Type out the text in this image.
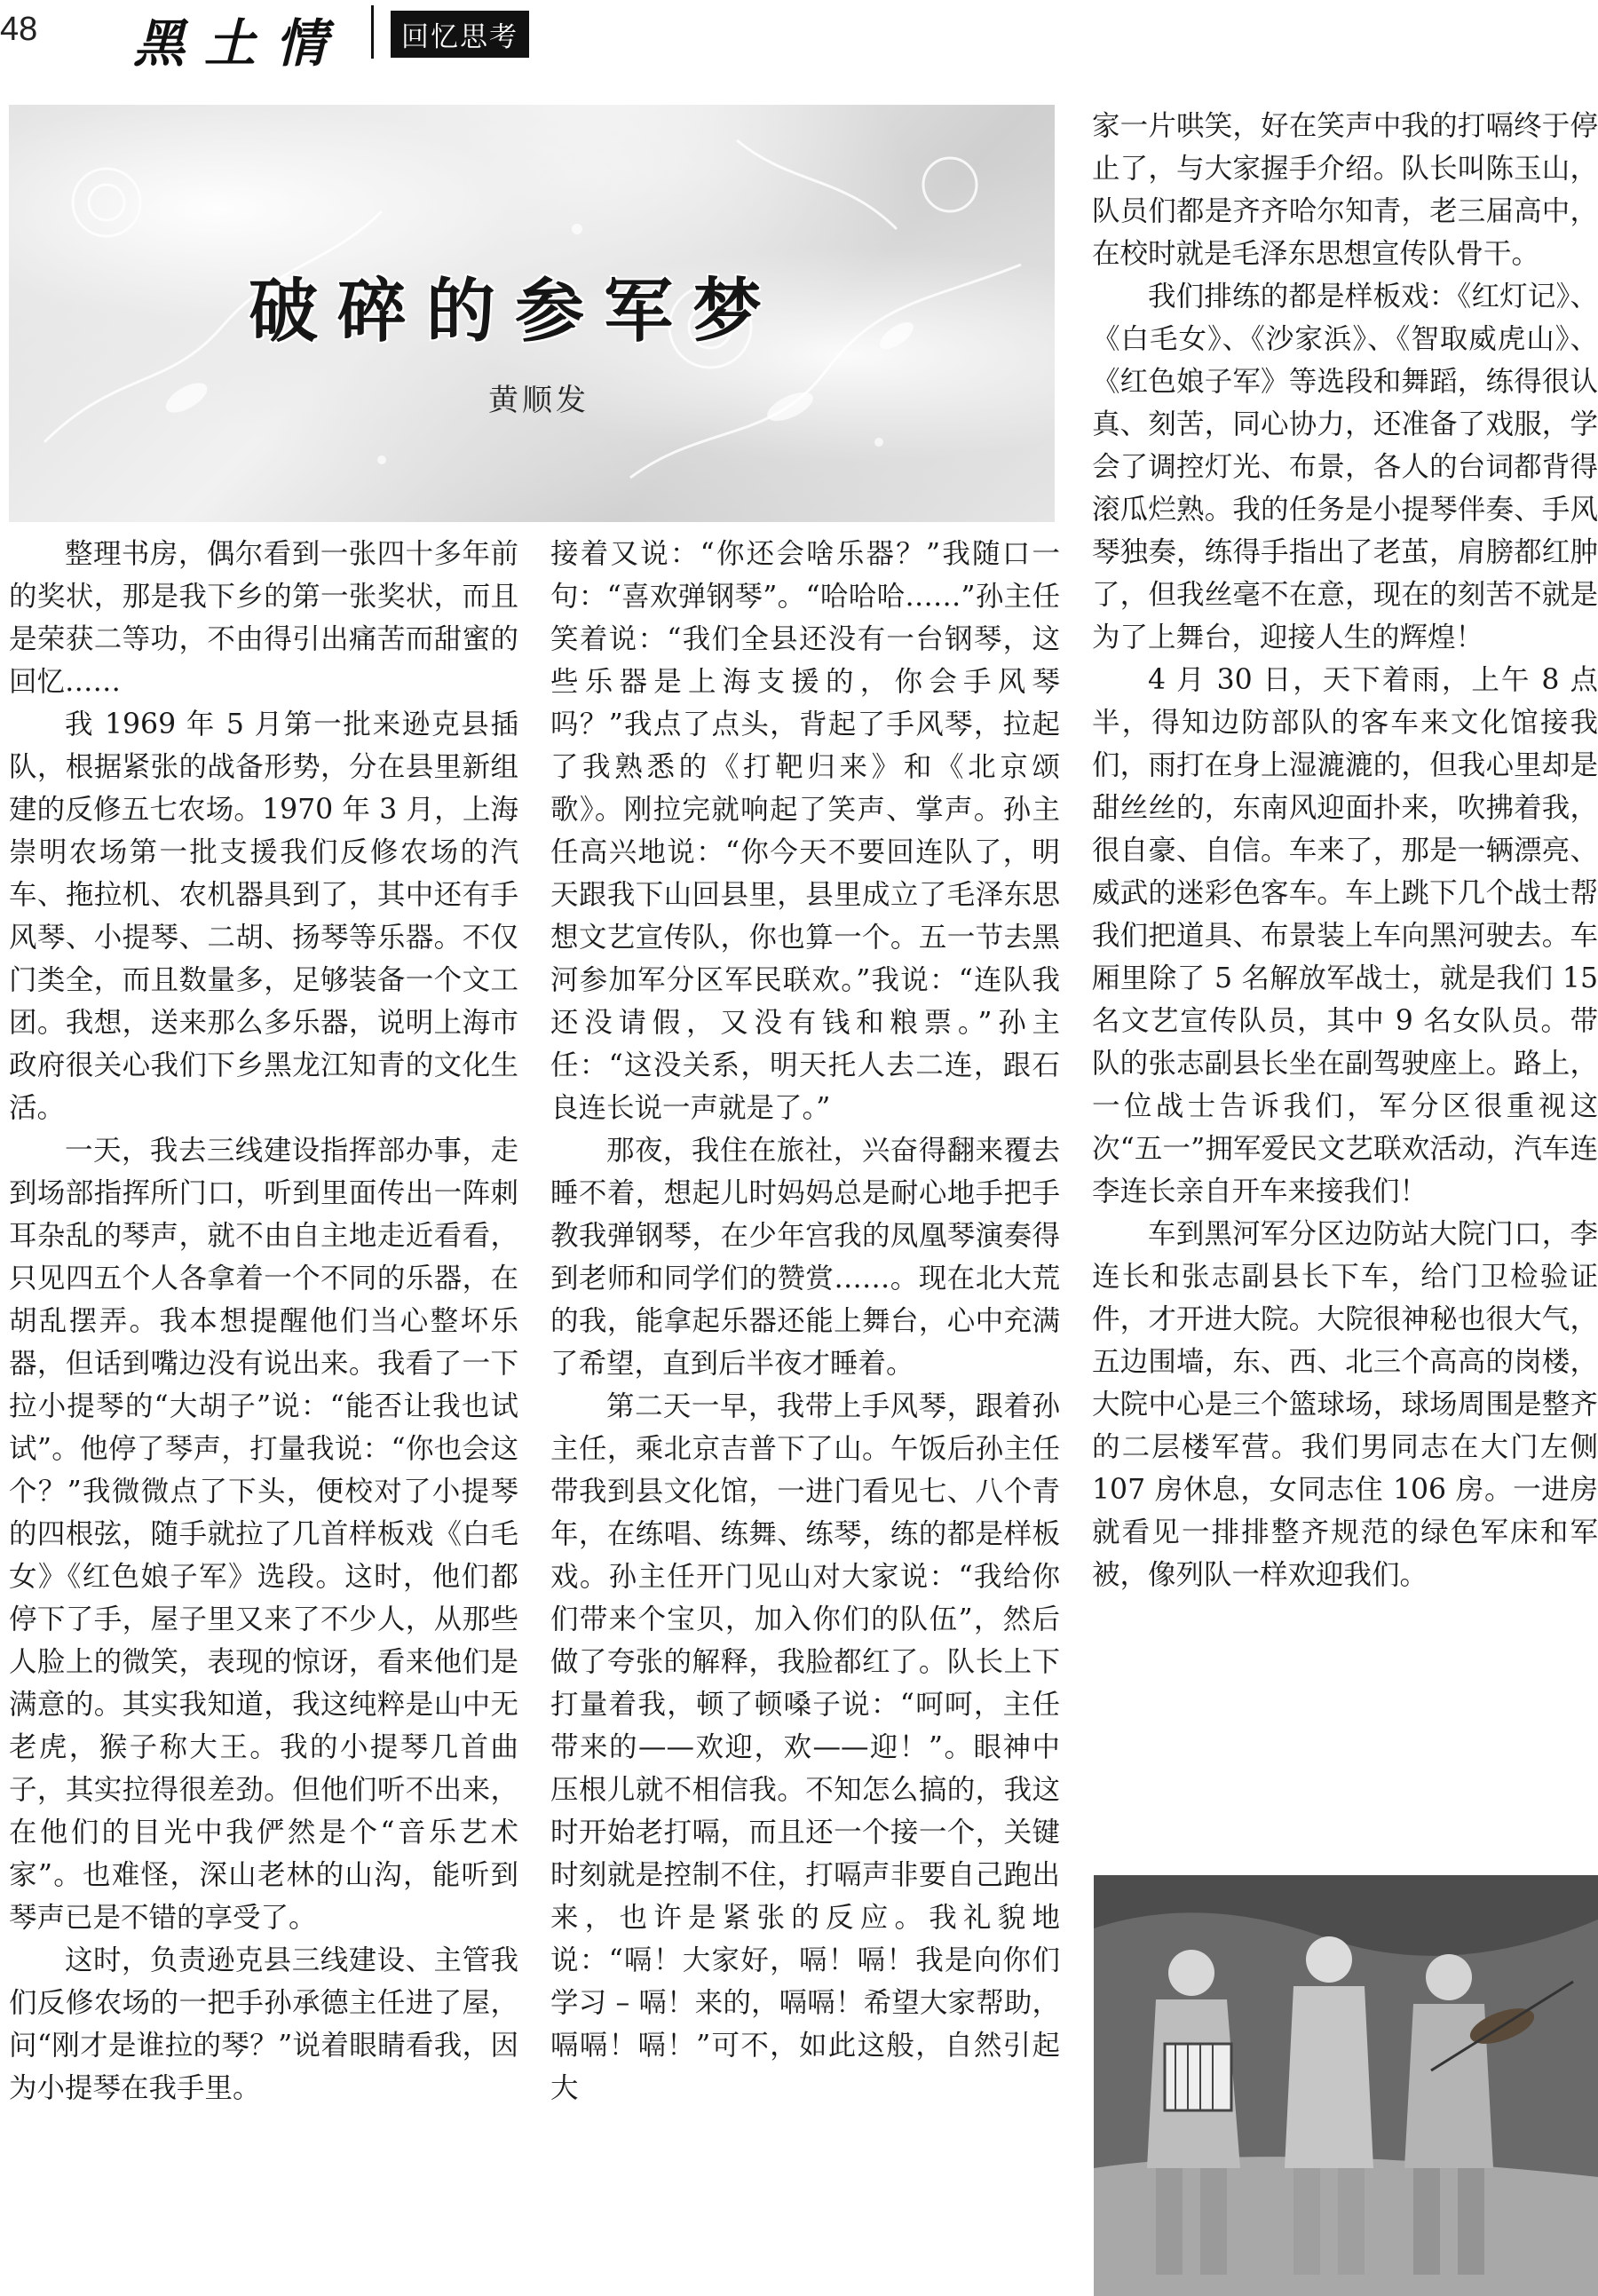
48 黑土情	回忆思考
破碎的参军梦
黄顺发

整理书房，偶尔看到一张四十多年前的奖状，那是我下乡的第一张奖状，而且是荣获二等功，不由得引出痛苦而甜蜜的回忆……

我 1969 年 5 月第一批来逊克县插队，根据紧张的战备形势，分在县里新组建的反修五七农场。1970 年 3 月，上海崇明农场第一批支援我们反修农场的汽车、拖拉机、农机器具到了，其中还有手风琴、小提琴、二胡、扬琴等乐器。不仅门类全，而且数量多，足够装备一个文工团。我想，送来那么多乐器，说明上海市政府很关心我们下乡黑龙江知青的文化生活。

一天，我去三线建设指挥部办事，走到场部指挥所门口，听到里面传出一阵刺耳杂乱的琴声，就不由自主地走近看看，只见四五个人各拿着一个不同的乐器，在胡乱摆弄。我本想提醒他们当心整坏乐器，但话到嘴边没有说出来。我看了一下拉小提琴的“大胡子”说：“能否让我也试试”。他停了琴声，打量我说：“你也会这个？”我微微点了下头，便校对了小提琴的四根弦，随手就拉了几首样板戏《白毛女》《红色娘子军》选段。这时，他们都停下了手，屋子里又来了不少人，从那些人脸上的微笑，表现的惊讶，看来他们是满意的。其实我知道，我这纯粹是山中无老虎，猴子称大王。我的小提琴几首曲子，其实拉得很差劲。但他们听不出来，在他们的目光中我俨然是个“音乐艺术家”。也难怪，深山老林的山沟，能听到琴声已是不错的享受了。

这时，负责逊克县三线建设、主管我们反修农场的一把手孙承德主任进了屋，问“刚才是谁拉的琴？”说着眼睛看我，因为小提琴在我手里。

接着又说：“你还会啥乐器？”我随口一句：“喜欢弹钢琴”。“哈哈哈……”孙主任笑着说：“我们全县还没有一台钢琴，这些乐器是上海支援的，你会手风琴吗？”我点了点头，背起了手风琴，拉起了我熟悉的《打靶归来》和《北京颂歌》。刚拉完就响起了笑声、掌声。孙主任高兴地说：“你今天不要回连队了，明天跟我下山回县里，县里成立了毛泽东思想文艺宣传队，你也算一个。五一节去黑河参加军分区军民联欢。”我说：“连队我还没请假，又没有钱和粮票。”孙主任：“这没关系，明天托人去二连，跟石良连长说一声就是了。”

那夜，我住在旅社，兴奋得翻来覆去睡不着，想起儿时妈妈总是耐心地手把手教我弹钢琴，在少年宫我的凤凰琴演奏得到老师和同学们的赞赏……。现在北大荒的我，能拿起乐器还能上舞台，心中充满了希望，直到后半夜才睡着。

第二天一早，我带上手风琴，跟着孙主任，乘北京吉普下了山。午饭后孙主任带我到县文化馆，一进门看见七、八个青年，在练唱、练舞、练琴，练的都是样板戏。孙主任开门见山对大家说：“我给你们带来个宝贝，加入你们的队伍”，然后做了夸张的解释，我脸都红了。队长上下打量着我，顿了顿嗓子说：“呵呵，主任带来的——欢迎，欢——迎！”。眼神中压根儿就不相信我。不知怎么搞的，我这时开始老打嗝，而且还一个接一个，关键时刻就是控制不住，打嗝声非要自己跑出来，也许是紧张的反应。我礼貌地说：“嗝！大家好，嗝！嗝！我是向你们学习 – 嗝！来的，嗝嗝！希望大家帮助，嗝嗝！嗝！”可不，如此这般，自然引起大

家一片哄笑，好在笑声中我的打嗝终于停止了，与大家握手介绍。队长叫陈玉山，队员们都是齐齐哈尔知青，老三届高中，在校时就是毛泽东思想宣传队骨干。

我们排练的都是样板戏：《红灯记》、《白毛女》、《沙家浜》、《智取威虎山》、《红色娘子军》等选段和舞蹈，练得很认真、刻苦，同心协力，还准备了戏服，学会了调控灯光、布景，各人的台词都背得滚瓜烂熟。我的任务是小提琴伴奏、手风琴独奏，练得手指出了老茧，肩膀都红肿了，但我丝毫不在意，现在的刻苦不就是为了上舞台，迎接人生的辉煌！

4 月 30 日，天下着雨，上午 8 点半，得知边防部队的客车来文化馆接我们，雨打在身上湿漉漉的，但我心里却是甜丝丝的，东南风迎面扑来，吹拂着我，很自豪、自信。车来了，那是一辆漂亮、威武的迷彩色客车。车上跳下几个战士帮我们把道具、布景装上车向黑河驶去。车厢里除了 5 名解放军战士，就是我们 15 名文艺宣传队员，其中 9 名女队员。带队的张志副县长坐在副驾驶座上。路上，一位战士告诉我们，军分区很重视这次“五一”拥军爱民文艺联欢活动，汽车连李连长亲自开车来接我们！

车到黑河军分区边防站大院门口，李连长和张志副县长下车，给门卫检验证件，才开进大院。大院很神秘也很大气，五边围墙，东、西、北三个高高的岗楼，大院中心是三个篮球场，球场周围是整齐的二层楼军营。我们男同志在大门左侧 107 房休息，女同志住 106 房。一进房就看见一排排整齐规范的绿色军床和军被，像列队一样欢迎我们。
